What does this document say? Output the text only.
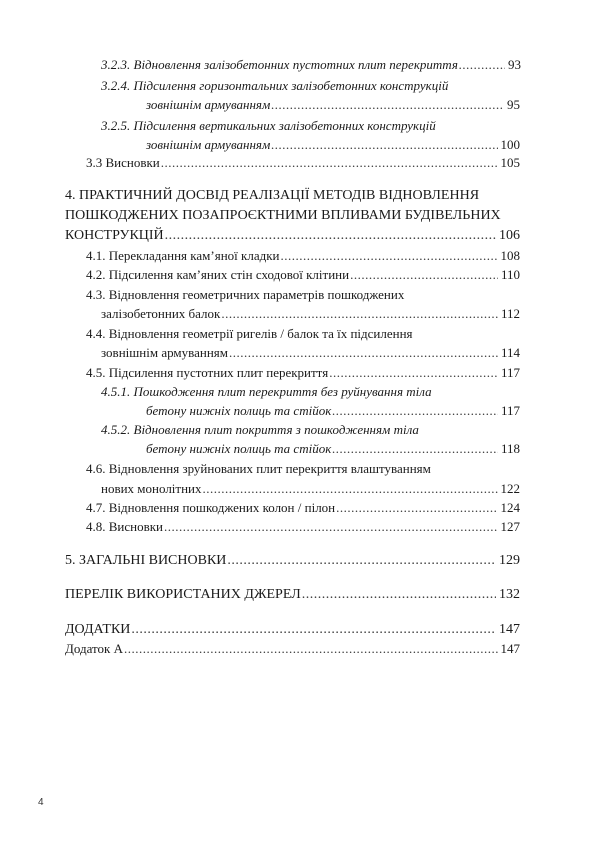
3.2.3.
Відновлення залізобетонних пустотних плит перекриття .....	93
3.2.4. Підсилення горизонтальних залізобетонних конструкцій
зовнішнім армуванням .....	95
3.2.5. Підсилення вертикальних залізобетонних конструкцій
зовнішнім армуванням .....	100
3.3 Висновки .....	105
4. ПРАКТИЧНИЙ ДОСВІД РЕАЛІЗАЦІЇ МЕТОДІВ ВІДНОВЛЕННЯ
ПОШКОДЖЕНИХ ПОЗАПРОЄКТНИМИ ВПЛИВАМИ БУДІВЕЛЬНИХ
КОНСТРУКЦІЙ .....	106
4.1. Перекладання кам’яної кладки .....	108
4.2. Підсилення кам’яних стін сходової клітини .....	110
4.3. Відновлення геометричних параметрів пошкоджених
залізобетонних балок .....	112
4.4. Відновлення геометрії ригелів / балок та їх підсилення
зовнішнім армуванням .....	114
4.5. Підсилення пустотних плит перекриття .....	117
4.5.1. Пошкодження плит перекриття без руйнування тіла
бетону нижніх полиць та стійок .....	117
4.5.2. Відновлення плит покриття з пошкодженням тіла
бетону нижніх полиць та стійок .....	118
4.6. Відновлення зруйнованих плит перекриття влаштуванням
нових монолітних .....	122
4.7. Відновлення пошкоджених колон / пілон .....	124
4.8. Висновки .....	127
5. ЗАГАЛЬНІ ВИСНОВКИ .....	129
ПЕРЕЛІК ВИКОРИСТАНИХ ДЖЕРЕЛ .....	132
ДОДАТКИ .....	147
Додаток А .....	147
4
